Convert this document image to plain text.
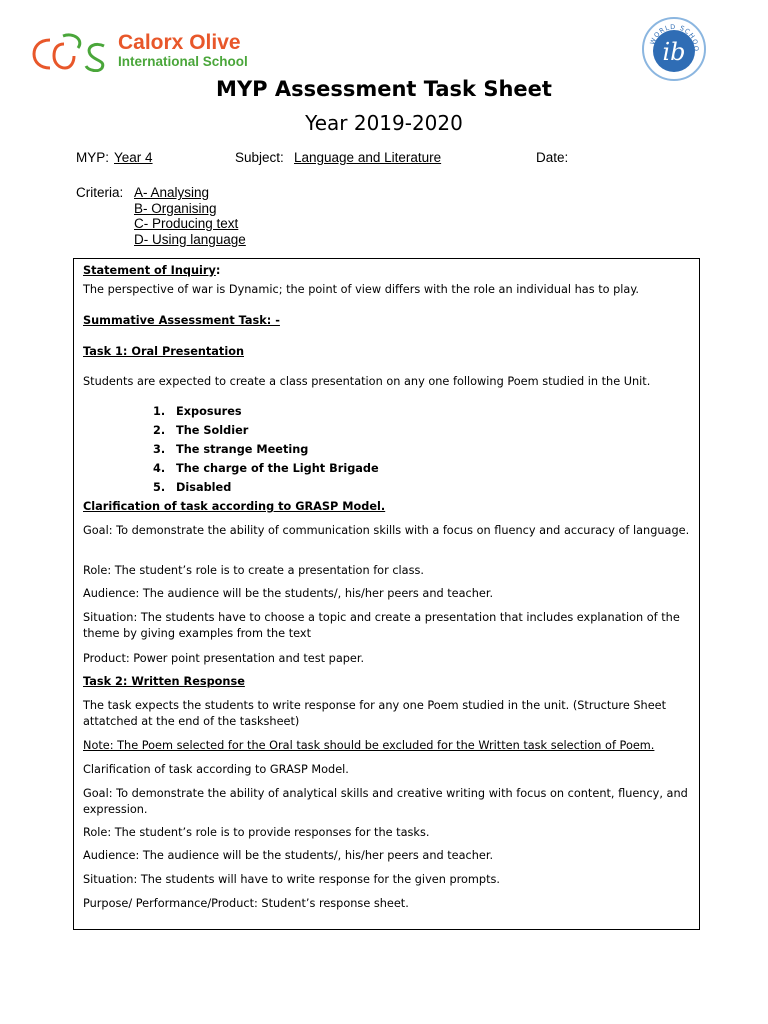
Calorx Olive
International School
WORLD SCHOO
ib
MYP Assessment Task Sheet
Year 2019-2020
MYP: Year 4	Subject: Language and Literature	Date:
Criteria: A- Analysing
B- Organising
C- Producing text
D- Using language
Statement of Inquiry:
The perspective of war is Dynamic; the point of view differs with the role an individual has to play.
Summative Assessment Task: -
Task 1: Oral Presentation
Students are expected to create a class presentation on any one following Poem studied in the Unit.
1. Exposures
2. The Soldier
3. The strange Meeting
4. The charge of the Light Brigade
5. Disabled
Clarification of task according to GRASP Model.
Goal: To demonstrate the ability of communication skills with a focus on fluency and accuracy of language.
Role: The student’s role is to create a presentation for class.
Audience: The audience will be the students/, his/her peers and teacher.
Situation: The students have to choose a topic and create a presentation that includes explanation of the theme by giving examples from the text
Product: Power point presentation and test paper.
Task 2: Written Response
The task expects the students to write response for any one Poem studied in the unit. (Structure Sheet attatched at the end of the tasksheet)
Note: The Poem selected for the Oral task should be excluded for the Written task selection of Poem.
Clarification of task according to GRASP Model.
Goal: To demonstrate the ability of analytical skills and creative writing with focus on content, fluency, and expression.
Role: The student’s role is to provide responses for the tasks.
Audience: The audience will be the students/, his/her peers and teacher.
Situation: The students will have to write response for the given prompts.
Purpose/ Performance/Product: Student’s response sheet.
